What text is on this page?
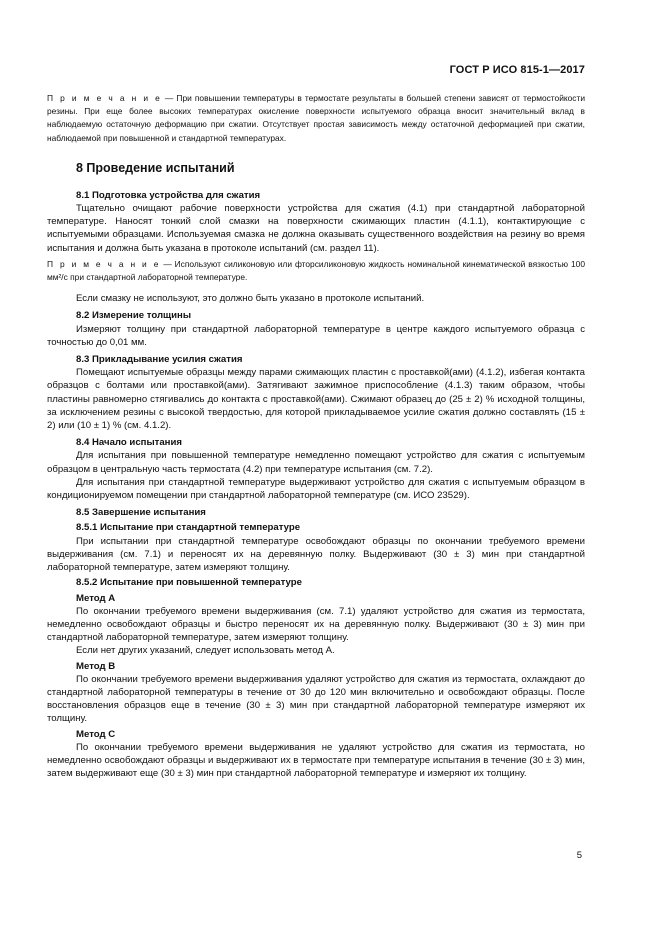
ГОСТ Р ИСО 815-1—2017

П р и м е ч а н и е — При повышении температуры в термостате результаты в большей степени зависят от термостойкости резины. При еще более высоких температурах окисление поверхности испытуемого образца вносит значительный вклад в наблюдаемую остаточную деформацию при сжатии. Отсутствует простая зависимость между остаточной деформацией при сжатии, наблюдаемой при повышенной и стандартной температурах.

8 Проведение испытаний

8.1 Подготовка устройства для сжатия

Тщательно очищают рабочие поверхности устройства для сжатия (4.1) при стандартной лабораторной температуре. Наносят тонкий слой смазки на поверхности сжимающих пластин (4.1.1), контактирующие с испытуемыми образцами. Используемая смазка не должна оказывать существенного воздействия на резину во время испытания и должна быть указана в протоколе испытаний (см. раздел 11).

П р и м е ч а н и е — Используют силиконовую или фторсиликоновую жидкость номинальной кинематической вязкостью 100 мм²/с при стандартной лабораторной температуре.

Если смазку не используют, это должно быть указано в протоколе испытаний.

8.2 Измерение толщины

Измеряют толщину при стандартной лабораторной температуре в центре каждого испытуемого образца с точностью до 0,01 мм.

8.3 Прикладывание усилия сжатия

Помещают испытуемые образцы между парами сжимающих пластин с проставкой(ами) (4.1.2), избегая контакта образцов с болтами или проставкой(ами). Затягивают зажимное приспособление (4.1.3) таким образом, чтобы пластины равномерно стягивались до контакта с проставкой(ами). Сжимают образец до (25 ± 2) % исходной толщины, за исключением резины с высокой твердостью, для которой прикладываемое усилие сжатия должно составлять (15 ± 2) или (10 ± 1) % (см. 4.1.2).

8.4 Начало испытания

Для испытания при повышенной температуре немедленно помещают устройство для сжатия с испытуемым образцом в центральную часть термостата (4.2) при температуре испытания (см. 7.2).

Для испытания при стандартной температуре выдерживают устройство для сжатия с испытуемым образцом в кондиционируемом помещении при стандартной лабораторной температуре (см. ИСО 23529).

8.5 Завершение испытания

8.5.1 Испытание при стандартной температуре

При испытании при стандартной температуре освобождают образцы по окончании требуемого времени выдерживания (см. 7.1) и переносят их на деревянную полку. Выдерживают (30 ± 3) мин при стандартной лабораторной температуре, затем измеряют толщину.

8.5.2 Испытание при повышенной температуре

Метод А

По окончании требуемого времени выдерживания (см. 7.1) удаляют устройство для сжатия из термостата, немедленно освобождают образцы и быстро переносят их на деревянную полку. Выдерживают (30 ± 3) мин при стандартной лабораторной температуре, затем измеряют толщину.

Если нет других указаний, следует использовать метод А.

Метод В

По окончании требуемого времени выдерживания удаляют устройство для сжатия из термостата, охлаждают до стандартной лабораторной температуры в течение от 30 до 120 мин включительно и освобождают образцы. После восстановления образцов еще в течение (30 ± 3) мин при стандартной лабораторной температуре измеряют их толщину.

Метод С

По окончании требуемого времени выдерживания не удаляют устройство для сжатия из термостата, но немедленно освобождают образцы и выдерживают их в термостате при температуре испытания в течение (30 ± 3) мин, затем выдерживают еще (30 ± 3) мин при стандартной лабораторной температуре и измеряют их толщину.

5
